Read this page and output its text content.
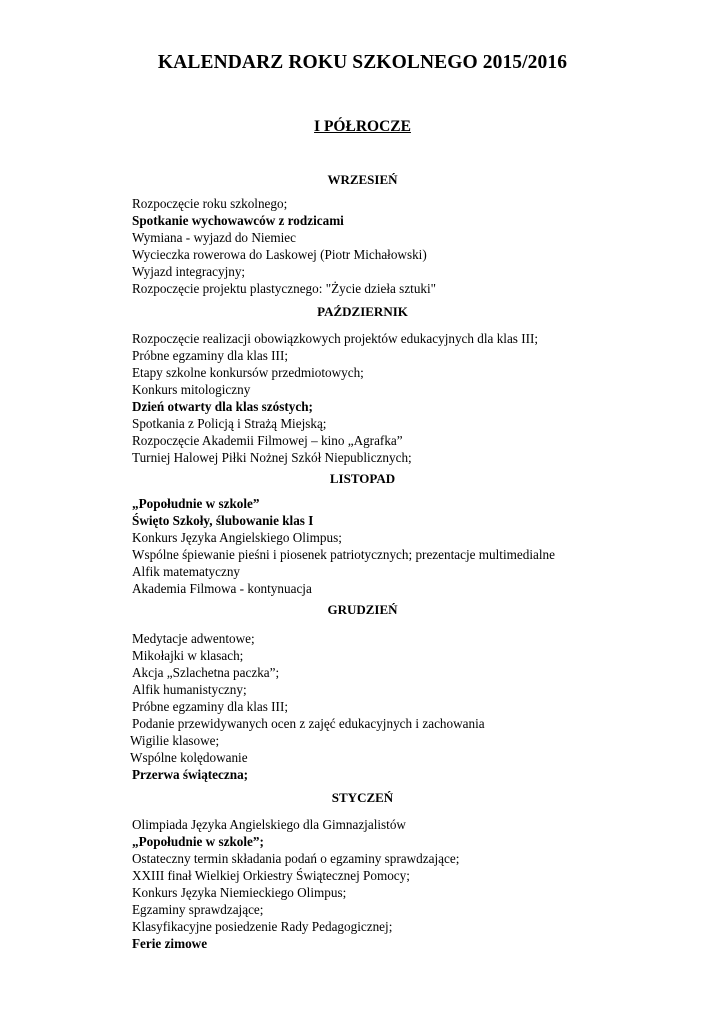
KALENDARZ ROKU SZKOLNEGO 2015/2016
I PÓŁROCZE
WRZESIEŃ
Rozpoczęcie roku szkolnego;
Spotkanie wychowawców z rodzicami
Wymiana - wyjazd do Niemiec
Wycieczka rowerowa do Laskowej (Piotr Michałowski)
Wyjazd integracyjny;
Rozpoczęcie projektu plastycznego: "Życie dzieła sztuki"
PAŹDZIERNIK
Rozpoczęcie realizacji obowiązkowych projektów edukacyjnych dla klas III;
Próbne egzaminy dla klas III;
Etapy szkolne konkursów przedmiotowych;
Konkurs mitologiczny
Dzień otwarty dla klas szóstych;
Spotkania z Policją i Strażą Miejską;
Rozpoczęcie Akademii Filmowej – kino „Agrafka”
Turniej Halowej Piłki Nożnej Szkół Niepublicznych;
LISTOPAD
„Popołudnie w szkole”
Święto Szkoły, ślubowanie klas I
Konkurs Języka Angielskiego Olimpus;
Wspólne śpiewanie pieśni i piosenek patriotycznych; prezentacje multimedialne
Alfik matematyczny
Akademia Filmowa - kontynuacja
GRUDZIEŃ
Medytacje adwentowe;
Mikołajki w klasach;
Akcja „Szlachetna paczka”;
Alfik humanistyczny;
Próbne egzaminy dla klas III;
Podanie przewidywanych ocen z zajęć edukacyjnych i zachowania
Wigilie klasowe;
Wspólne kolędowanie
Przerwa świąteczna;
STYCZEŃ
Olimpiada Języka Angielskiego dla Gimnazjalistów
„Popołudnie w szkole”;
Ostateczny termin składania podań o egzaminy sprawdzające;
XXIII finał Wielkiej Orkiestry Świątecznej Pomocy;
Konkurs Języka Niemieckiego Olimpus;
Egzaminy sprawdzające;
Klasyfikacyjne posiedzenie Rady Pedagogicznej;
Ferie zimowe
